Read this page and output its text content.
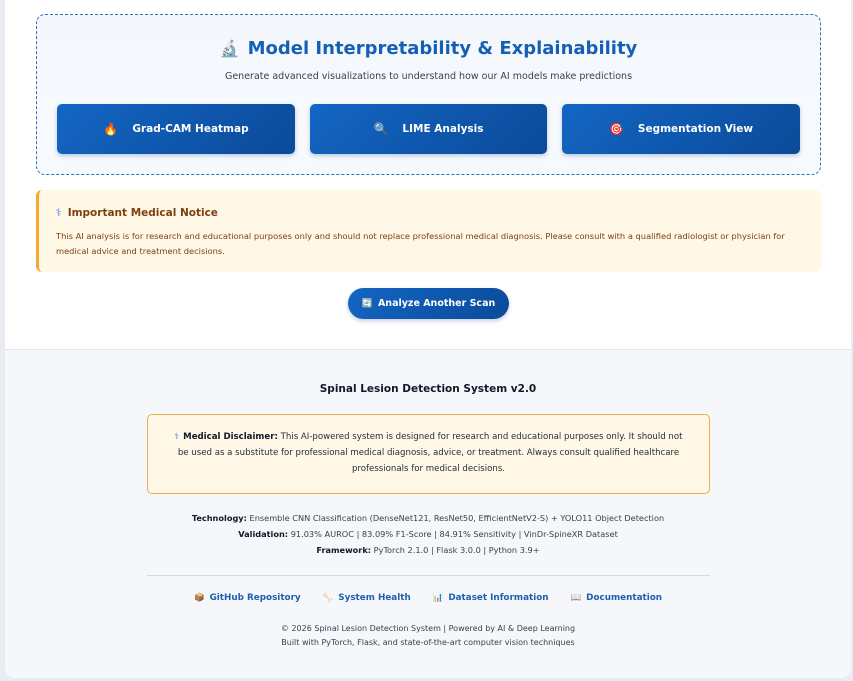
🔬 Model Interpretability & Explainability
Generate advanced visualizations to understand how our AI models make predictions
🔥 Grad-CAM Heatmap	🔍 LIME Analysis	🎯 Segmentation View
⚕ Important Medical Notice
This AI analysis is for research and educational purposes only and should not replace professional medical diagnosis. Please consult with a qualified radiologist or physician for medical advice and treatment decisions.
🔄 Analyze Another Scan
Spinal Lesion Detection System v2.0
⚕ Medical Disclaimer: This AI-powered system is designed for research and educational purposes only. It should not be used as a substitute for professional medical diagnosis, advice, or treatment. Always consult qualified healthcare professionals for medical decisions.
Technology: Ensemble CNN Classification (DenseNet121, ResNet50, EfficientNetV2-S) + YOLO11 Object Detection
Validation: 91.03% AUROC | 83.09% F1-Score | 84.91% Sensitivity | VinDr-SpineXR Dataset
Framework: PyTorch 2.1.0 | Flask 3.0.0 | Python 3.9+
📦 GitHub Repository	🦴 System Health	📊 Dataset Information	📖 Documentation
© 2026 Spinal Lesion Detection System | Powered by AI & Deep Learning
Built with PyTorch, Flask, and state-of-the-art computer vision techniques
